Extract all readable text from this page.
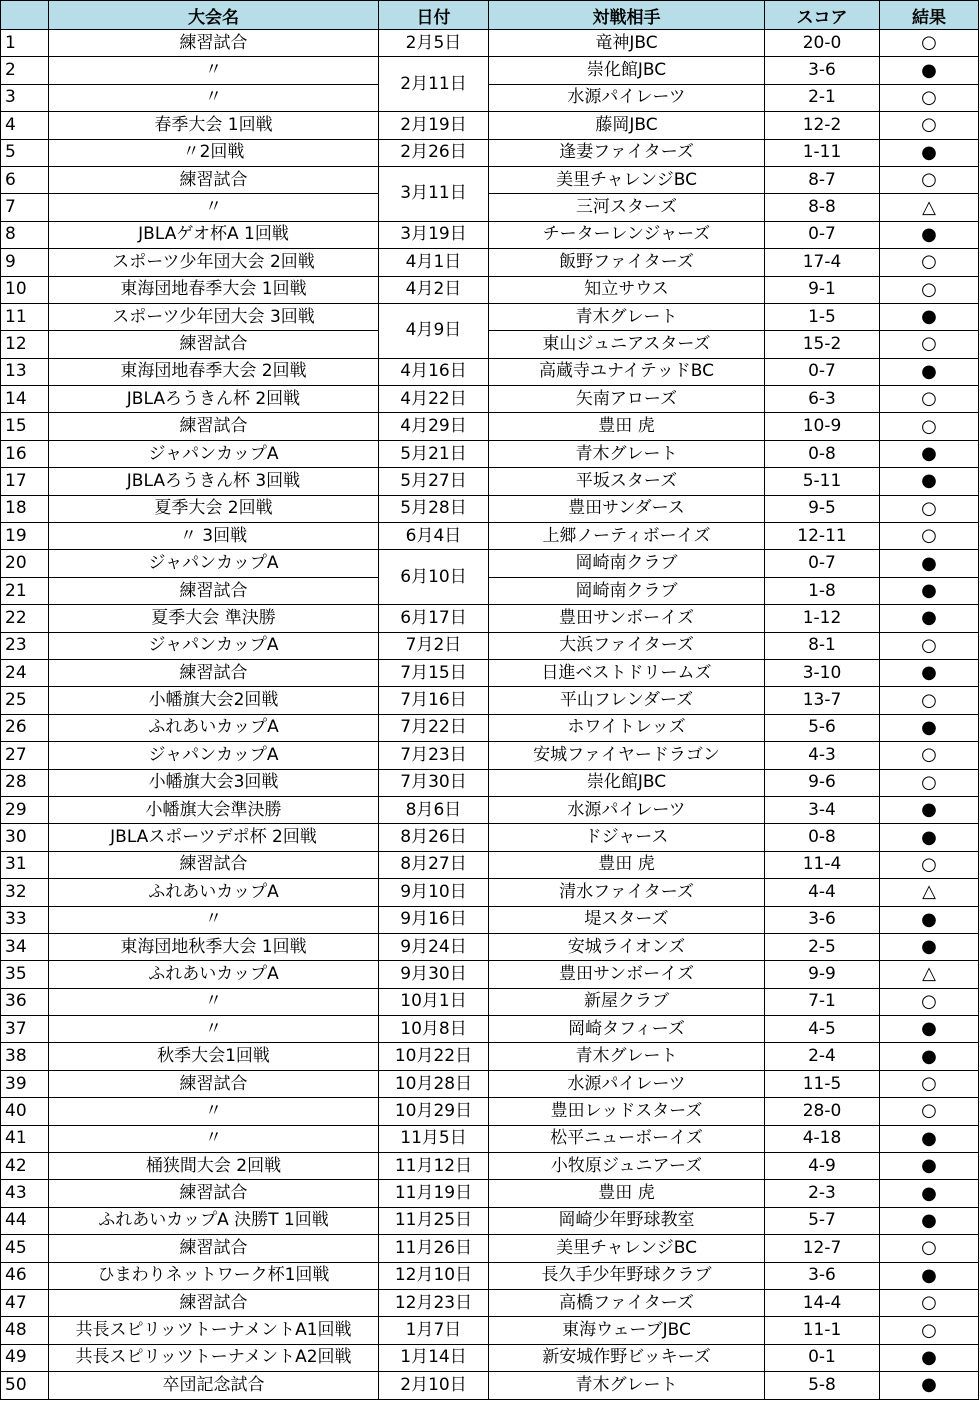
	大会名	日付	対戦相手	スコア	結果
1	練習試合	2月5日	竜神JBC	20-0	○
2	〃	2月11日	崇化館JBC	3-6	●
3	〃		水源パイレーツ	2-1	○
4	春季大会 1回戦	2月19日	藤岡JBC	12-2	○
5	〃2回戦	2月26日	逢妻ファイターズ	1-11	●
6	練習試合	3月11日	美里チャレンジBC	8-7	○
7	〃		三河スターズ	8-8	△
8	JBLAゲオ杯A 1回戦	3月19日	チーターレンジャーズ	0-7	●
9	スポーツ少年団大会 2回戦	4月1日	飯野ファイターズ	17-4	○
10	東海団地春季大会 1回戦	4月2日	知立サウス	9-1	○
11	スポーツ少年団大会 3回戦	4月9日	青木グレート	1-5	●
12	練習試合		東山ジュニアスターズ	15-2	○
13	東海団地春季大会 2回戦	4月16日	高蔵寺ユナイテッドBC	0-7	●
14	JBLAろうきん杯 2回戦	4月22日	矢南アローズ	6-3	○
15	練習試合	4月29日	豊田 虎	10-9	○
16	ジャパンカップA	5月21日	青木グレート	0-8	●
17	JBLAろうきん杯 3回戦	5月27日	平坂スターズ	5-11	●
18	夏季大会 2回戦	5月28日	豊田サンダース	9-5	○
19	〃 3回戦	6月4日	上郷ノーティボーイズ	12-11	○
20	ジャパンカップA	6月10日	岡崎南クラブ	0-7	●
21	練習試合		岡崎南クラブ	1-8	●
22	夏季大会 準決勝	6月17日	豊田サンボーイズ	1-12	●
23	ジャパンカップA	7月2日	大浜ファイターズ	8-1	○
24	練習試合	7月15日	日進ベストドリームズ	3-10	●
25	小幡旗大会2回戦	7月16日	平山フレンダーズ	13-7	○
26	ふれあいカップA	7月22日	ホワイトレッズ	5-6	●
27	ジャパンカップA	7月23日	安城ファイヤードラゴン	4-3	○
28	小幡旗大会3回戦	7月30日	崇化館JBC	9-6	○
29	小幡旗大会準決勝	8月6日	水源パイレーツ	3-4	●
30	JBLAスポーツデポ杯 2回戦	8月26日	ドジャース	0-8	●
31	練習試合	8月27日	豊田 虎	11-4	○
32	ふれあいカップA	9月10日	清水ファイターズ	4-4	△
33	〃	9月16日	堤スターズ	3-6	●
34	東海団地秋季大会 1回戦	9月24日	安城ライオンズ	2-5	●
35	ふれあいカップA	9月30日	豊田サンボーイズ	9-9	△
36	〃	10月1日	新屋クラブ	7-1	○
37	〃	10月8日	岡崎タフィーズ	4-5	●
38	秋季大会1回戦	10月22日	青木グレート	2-4	●
39	練習試合	10月28日	水源パイレーツ	11-5	○
40	〃	10月29日	豊田レッドスターズ	28-0	○
41	〃	11月5日	松平ニューボーイズ	4-18	●
42	桶狭間大会 2回戦	11月12日	小牧原ジュニアーズ	4-9	●
43	練習試合	11月19日	豊田 虎	2-3	●
44	ふれあいカップA 決勝T 1回戦	11月25日	岡崎少年野球教室	5-7	●
45	練習試合	11月26日	美里チャレンジBC	12-7	○
46	ひまわりネットワーク杯1回戦	12月10日	長久手少年野球クラブ	3-6	●
47	練習試合	12月23日	高橋ファイターズ	14-4	○
48	共長スピリッツトーナメントA1回戦	1月7日	東海ウェーブJBC	11-1	○
49	共長スピリッツトーナメントA2回戦	1月14日	新安城作野ビッキーズ	0-1	●
50	卒団記念試合	2月10日	青木グレート	5-8	●
